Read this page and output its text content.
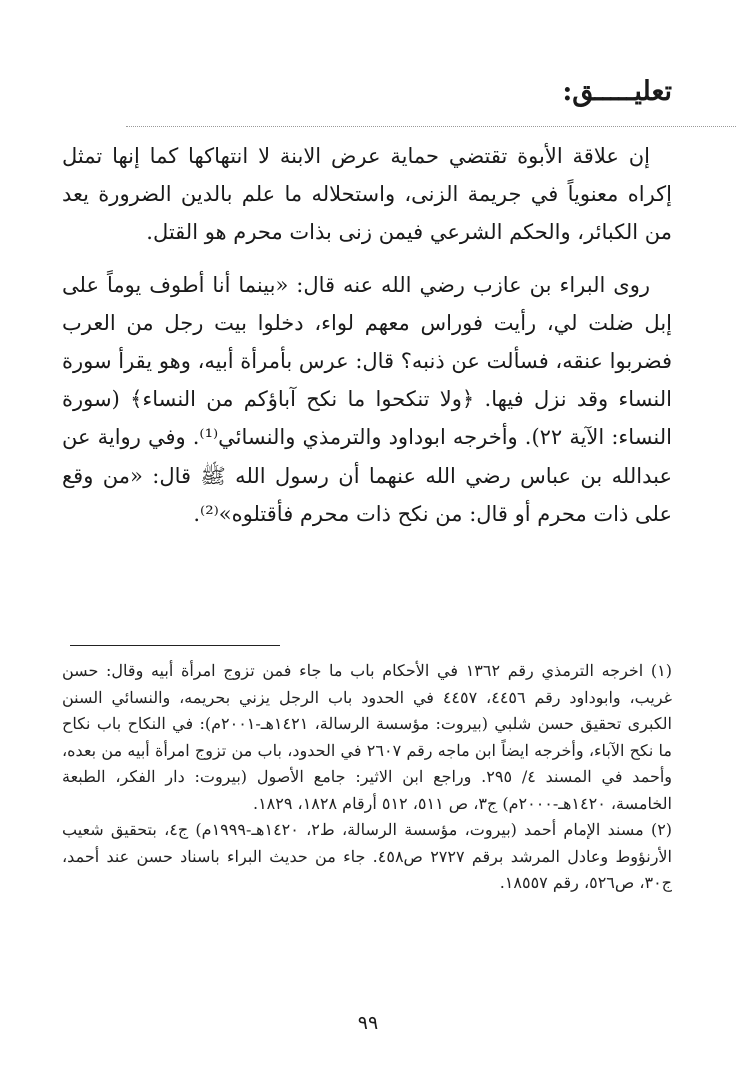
تعليـــــق:

إن علاقة الأبوة تقتضي حماية عرض الابنة لا انتهاكها كما إنها تمثل إكراه معنوياً في جريمة الزنى، واستحلاله ما علم بالدين الضرورة يعد من الكبائر، والحكم الشرعي فيمن زنى بذات محرم هو القتل.

روى البراء بن عازب رضي الله عنه قال: «بينما أنا أطوف يوماً على إبل ضلت لي، رأيت فوراس معهم لواء، دخلوا بيت رجل من العرب فضربوا عنقه، فسألت عن ذنبه؟ قال: عرس بأمرأة أبيه، وهو يقرأ سورة النساء وقد نزل فيها. ﴿ولا تنكحوا ما نكح آباؤكم من النساء﴾ (سورة النساء: الآية ٢٢). وأخرجه ابوداود والترمذي والنسائي⁽¹⁾. وفي رواية عن عبدالله بن عباس رضي الله عنهما أن رسول الله ﷺ قال: «من وقع على ذات محرم أو قال: من نكح ذات محرم فأقتلوه»⁽²⁾.

(١) اخرجه الترمذي رقم ١٣٦٢ في الأحكام باب ما جاء فمن تزوج امرأة أبيه وقال: حسن غريب، وابوداود رقم ٤٤٥٦، ٤٤٥٧ في الحدود باب الرجل يزني بحريمه، والنسائي السنن الكبرى تحقيق حسن شلبي (بيروت: مؤسسة الرسالة، ١٤٢١هـ-٢٠٠١م): في النكاح باب نكاح ما نكح الآباء، وأخرجه ايضاً ابن ماجه رقم ٢٦٠٧ في الحدود، باب من تزوج امرأة أبيه من بعده، وأحمد في المسند ٤/ ٢٩٥. وراجع ابن الاثير: جامع الأصول (بيروت: دار الفكر، الطبعة الخامسة، ١٤٢٠هـ-٢٠٠٠م) ج٣، ص ٥١١، ٥١٢ أرقام ١٨٢٨، ١٨٢٩.

(٢) مسند الإمام أحمد (بيروت، مؤسسة الرسالة، ط٢، ١٤٢٠هـ-١٩٩٩م) ج٤، بتحقيق شعيب الأرنؤوط وعادل المرشد برقم ٢٧٢٧ ص٤٥٨. جاء من حديث البراء باسناد حسن عند أحمد، ج٣٠، ص٥٢٦، رقم ١٨٥٥٧.

٩٩
